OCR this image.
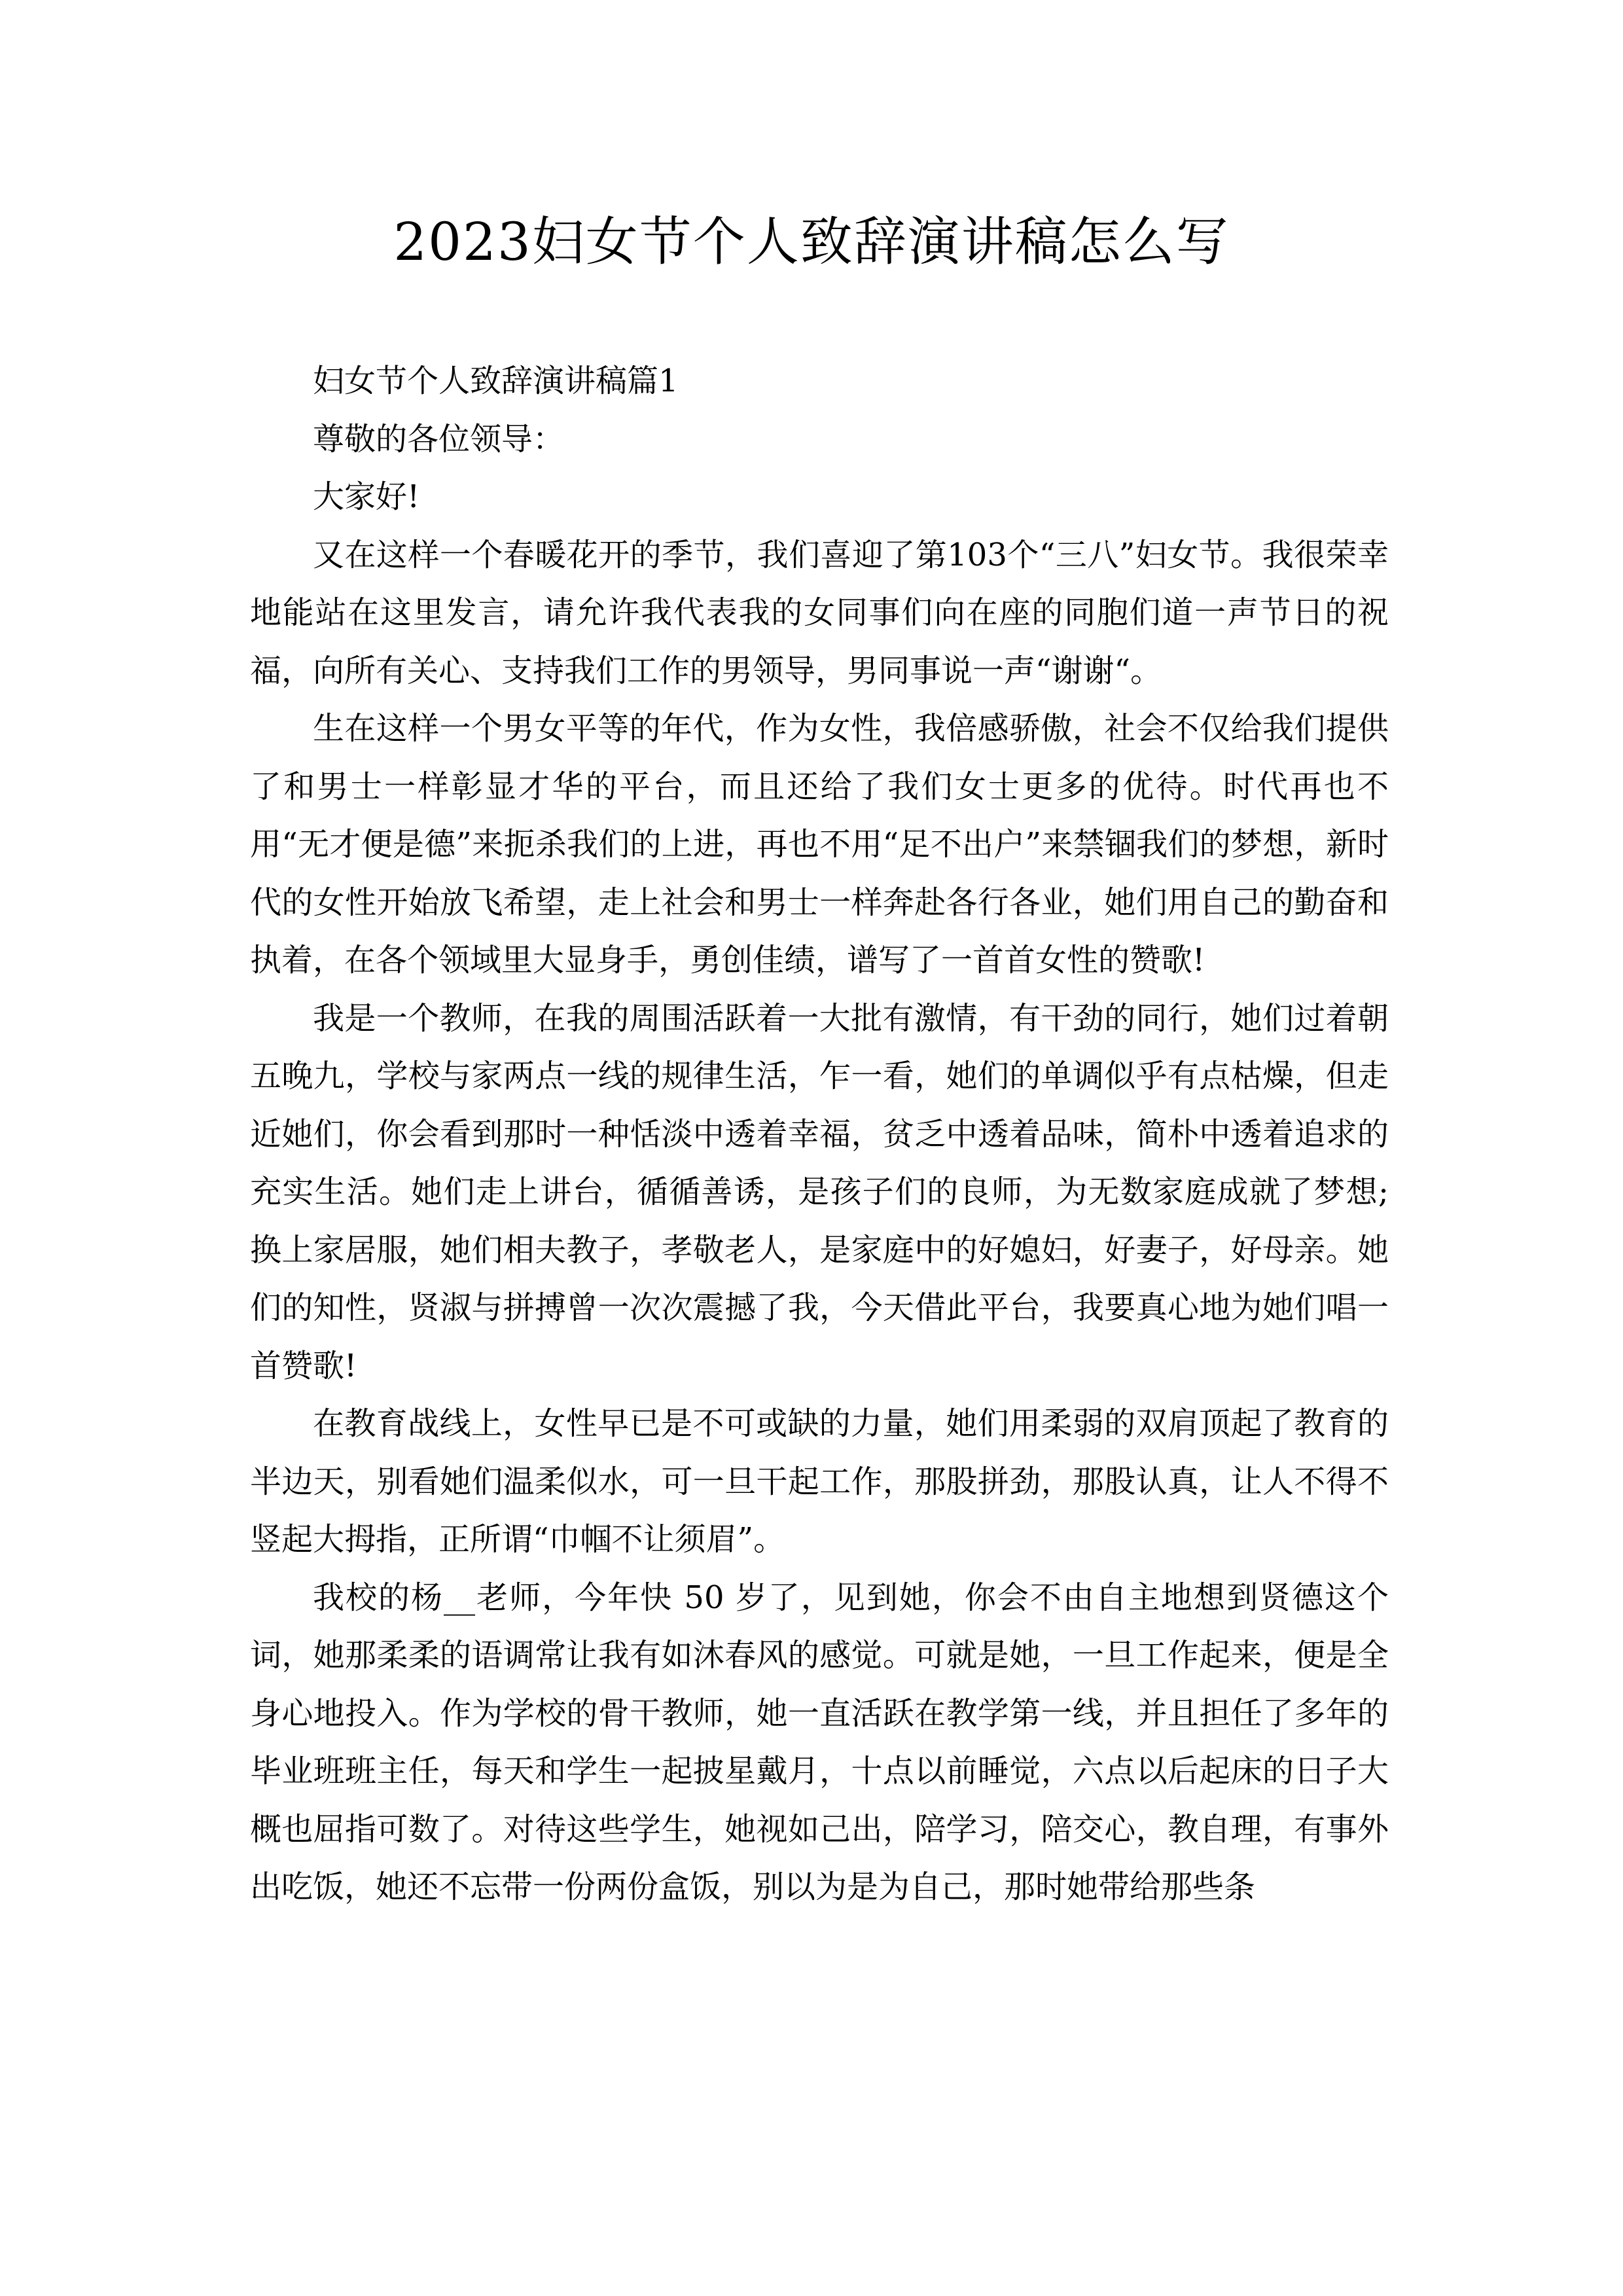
2023妇女节个人致辞演讲稿怎么写

妇女节个人致辞演讲稿篇1

尊敬的各位领导：

大家好!

又在这样一个春暖花开的季节，我们喜迎了第103个“三八”妇女节。我很荣幸地能站在这里发言，请允许我代表我的女同事们向在座的同胞们道一声节日的祝福，向所有关心、支持我们工作的男领导，男同事说一声“谢谢“。

生在这样一个男女平等的年代，作为女性，我倍感骄傲，社会不仅给我们提供了和男士一样彰显才华的平台，而且还给了我们女士更多的优待。时代再也不用“无才便是德”来扼杀我们的上进，再也不用“足不出户”来禁锢我们的梦想，新时代的女性开始放飞希望，走上社会和男士一样奔赴各行各业，她们用自己的勤奋和执着，在各个领域里大显身手，勇创佳绩，谱写了一首首女性的赞歌!

我是一个教师，在我的周围活跃着一大批有激情，有干劲的同行，她们过着朝五晚九，学校与家两点一线的规律生活，乍一看，她们的单调似乎有点枯燥，但走近她们，你会看到那时一种恬淡中透着幸福，贫乏中透着品味，简朴中透着追求的充实生活。她们走上讲台，循循善诱，是孩子们的良师，为无数家庭成就了梦想;换上家居服，她们相夫教子，孝敬老人，是家庭中的好媳妇，好妻子，好母亲。她们的知性，贤淑与拼搏曾一次次震撼了我，今天借此平台，我要真心地为她们唱一首赞歌!

在教育战线上，女性早已是不可或缺的力量，她们用柔弱的双肩顶起了教育的半边天，别看她们温柔似水，可一旦干起工作，那股拼劲，那股认真，让人不得不竖起大拇指，正所谓“巾帼不让须眉”。

我校的杨__老师，今年快 50 岁了，见到她，你会不由自主地想到贤德这个词，她那柔柔的语调常让我有如沐春风的感觉。可就是她，一旦工作起来，便是全身心地投入。作为学校的骨干教师，她一直活跃在教学第一线，并且担任了多年的毕业班班主任，每天和学生一起披星戴月，十点以前睡觉，六点以后起床的日子大概也屈指可数了。对待这些学生，她视如己出，陪学习，陪交心，教自理，有事外出吃饭，她还不忘带一份两份盒饭，别以为是为自己，那时她带给那些条
